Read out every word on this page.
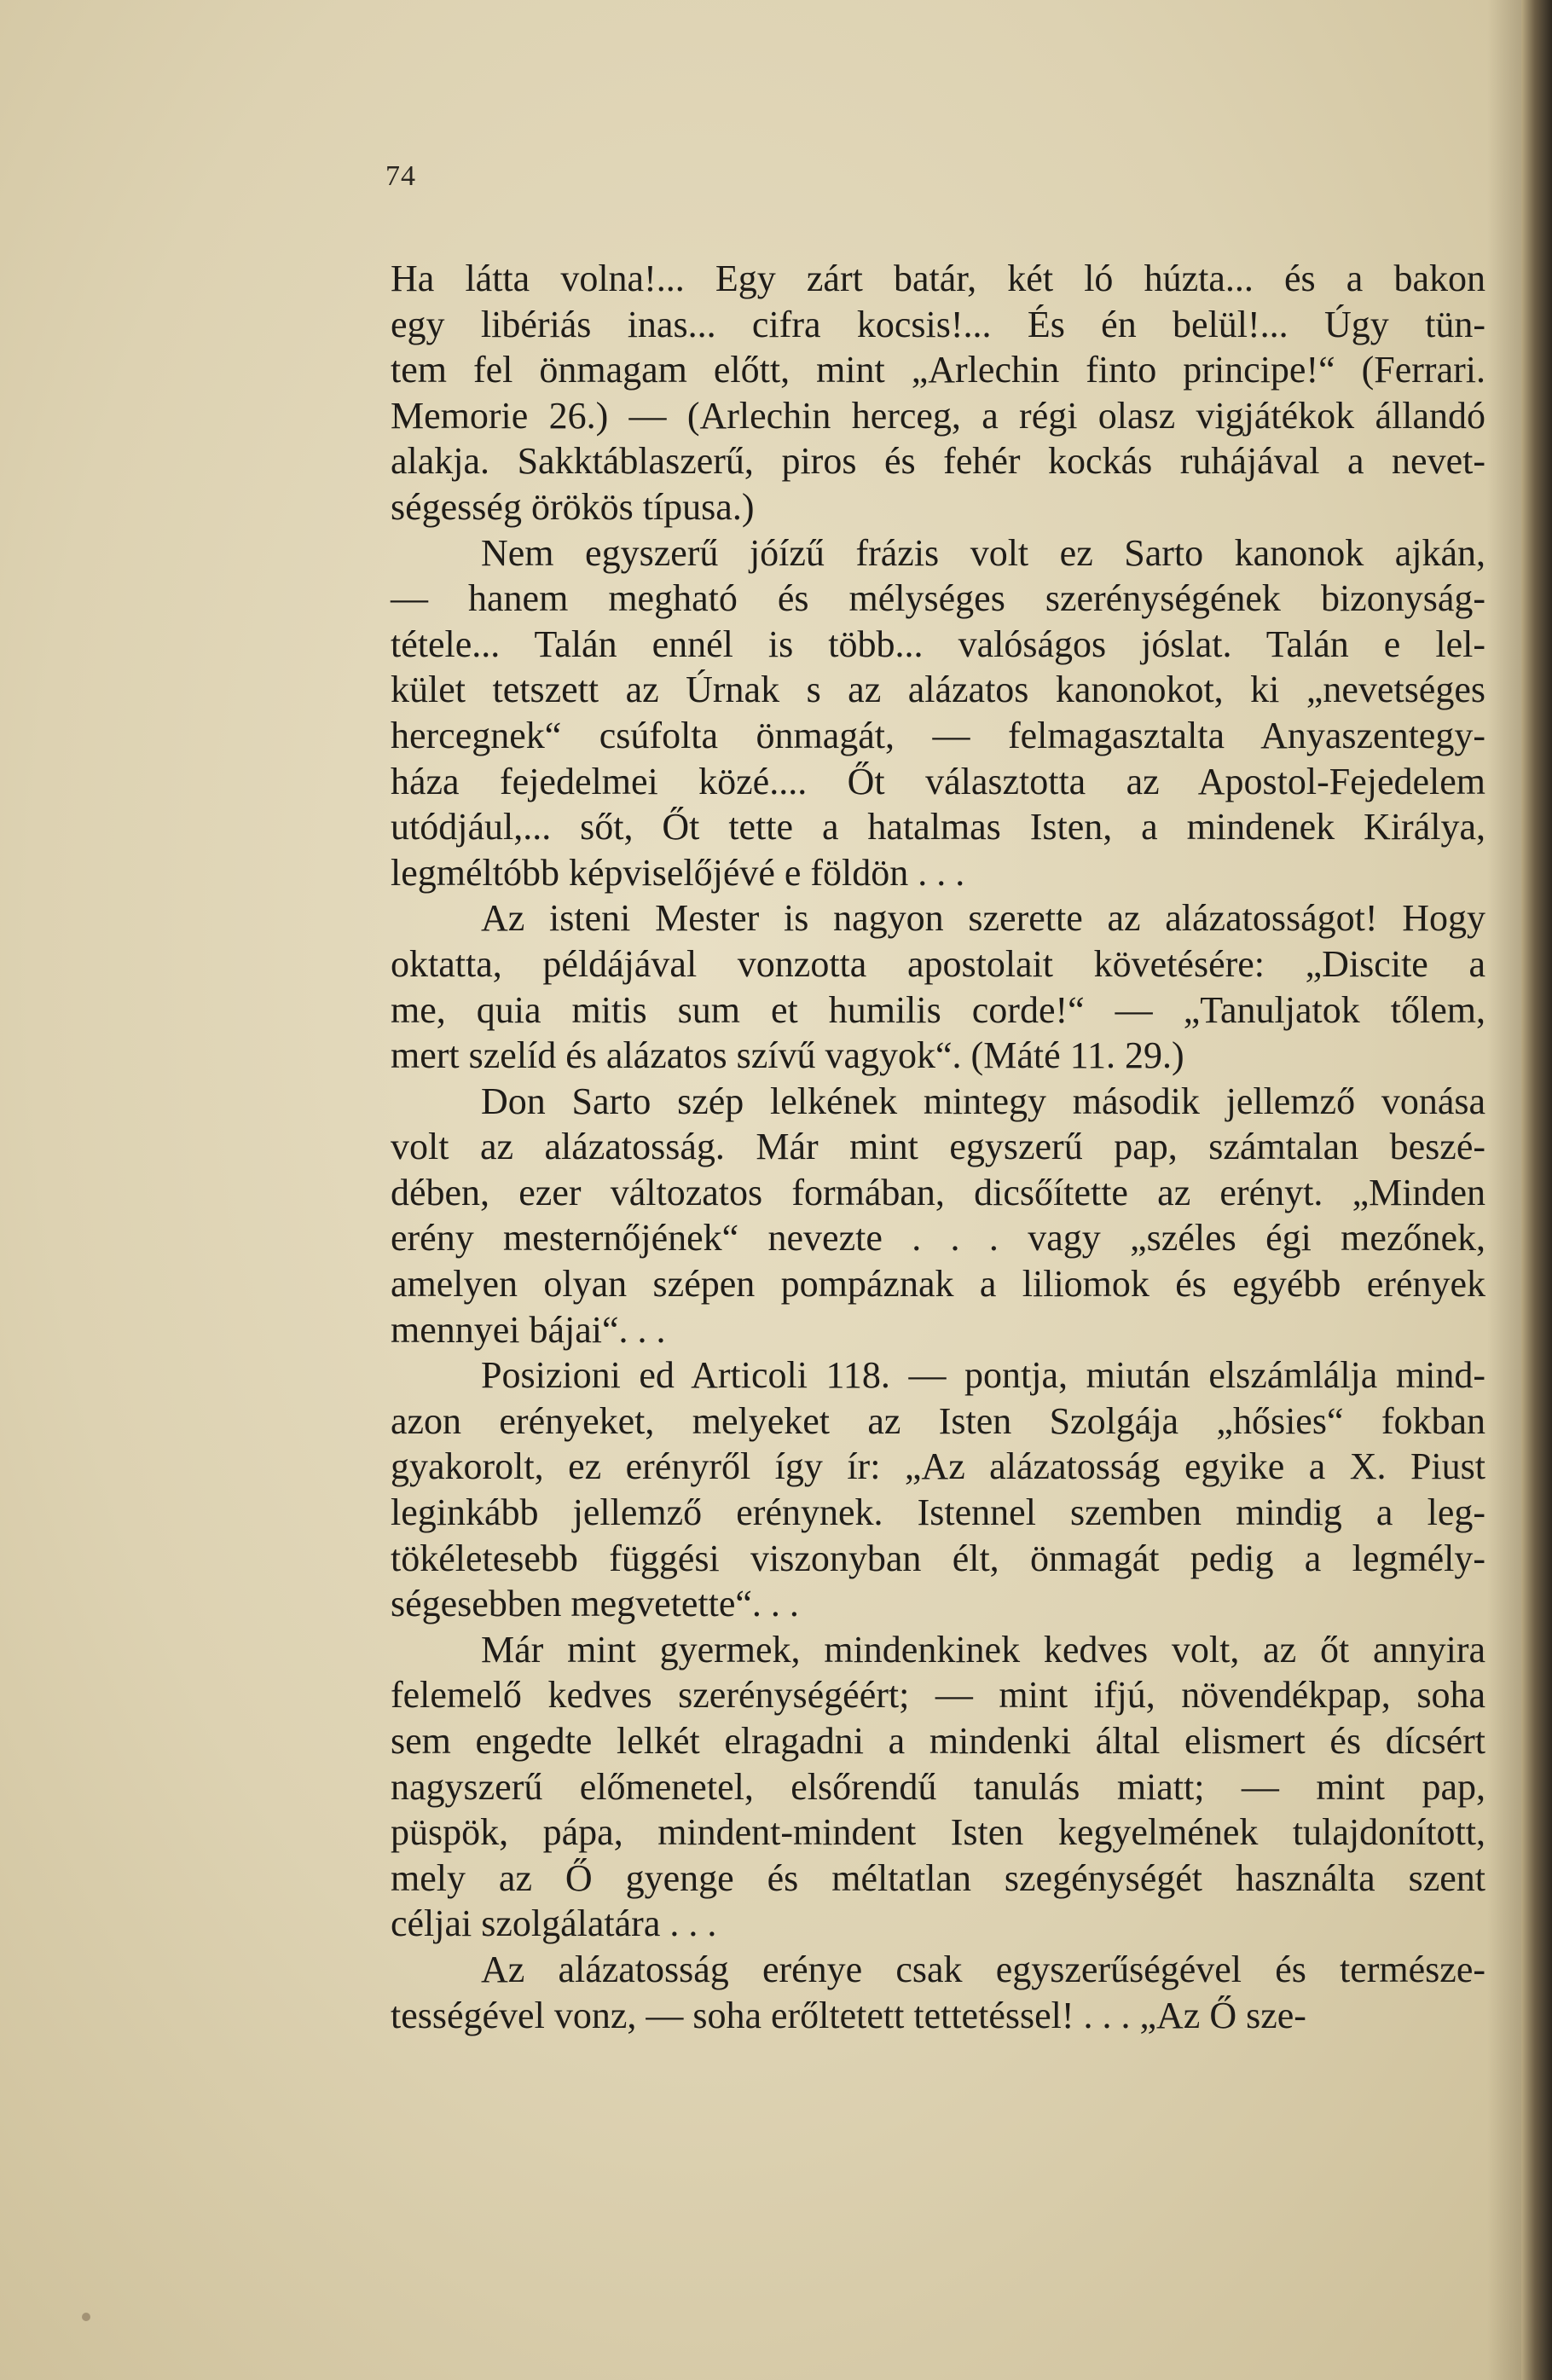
74
Ha látta volna!... Egy zárt batár, két ló húzta... és a bakon
egy libériás inas... cifra kocsis!... És én belül!... Úgy tün-
tem fel önmagam előtt, mint „Arlechin finto principe!“ (Ferrari.
Memorie 26.) — (Arlechin herceg, a régi olasz vigjátékok állandó
alakja. Sakktáblaszerű, piros és fehér kockás ruhájával a nevet-
ségesség örökös típusa.)
Nem egyszerű jóízű frázis volt ez Sarto kanonok ajkán,
— hanem megható és mélységes szerénységének bizonyság-
tétele... Talán ennél is több... valóságos jóslat. Talán e lel-
kület tetszett az Úrnak s az alázatos kanonokot, ki „nevetséges
hercegnek“ csúfolta önmagát, — felmagasztalta Anyaszentegy-
háza fejedelmei közé.... Őt választotta az Apostol-Fejedelem
utódjául,... sőt, Őt tette a hatalmas Isten, a mindenek Királya,
legméltóbb képviselőjévé e földön . . .
Az isteni Mester is nagyon szerette az alázatosságot! Hogy
oktatta, példájával vonzotta apostolait követésére: „Discite a
me, quia mitis sum et humilis corde!“ — „Tanuljatok tőlem,
mert szelíd és alázatos szívű vagyok“. (Máté 11. 29.)
Don Sarto szép lelkének mintegy második jellemző vonása
volt az alázatosság. Már mint egyszerű pap, számtalan beszé-
dében, ezer változatos formában, dicsőítette az erényt. „Minden
erény mesternőjének“ nevezte . . . vagy „széles égi mezőnek,
amelyen olyan szépen pompáznak a liliomok és egyébb erények
mennyei bájai“. . .
Posizioni ed Articoli 118. — pontja, miután elszámlálja mind-
azon erényeket, melyeket az Isten Szolgája „hősies“ fokban
gyakorolt, ez erényről így ír: „Az alázatosság egyike a X. Piust
leginkább jellemző erénynek. Istennel szemben mindig a leg-
tökéletesebb függési viszonyban élt, önmagát pedig a legmély-
ségesebben megvetette“. . .
Már mint gyermek, mindenkinek kedves volt, az őt annyira
felemelő kedves szerénységéért; — mint ifjú, növendékpap, soha
sem engedte lelkét elragadni a mindenki által elismert és dícsért
nagyszerű előmenetel, elsőrendű tanulás miatt; — mint pap,
püspök, pápa, mindent-mindent Isten kegyelmének tulajdonított,
mely az Ő gyenge és méltatlan szegénységét használta szent
céljai szolgálatára . . .
Az alázatosság erénye csak egyszerűségével és természe-
tességével vonz, — soha erőltetett tettetéssel! . . . „Az Ő sze-
